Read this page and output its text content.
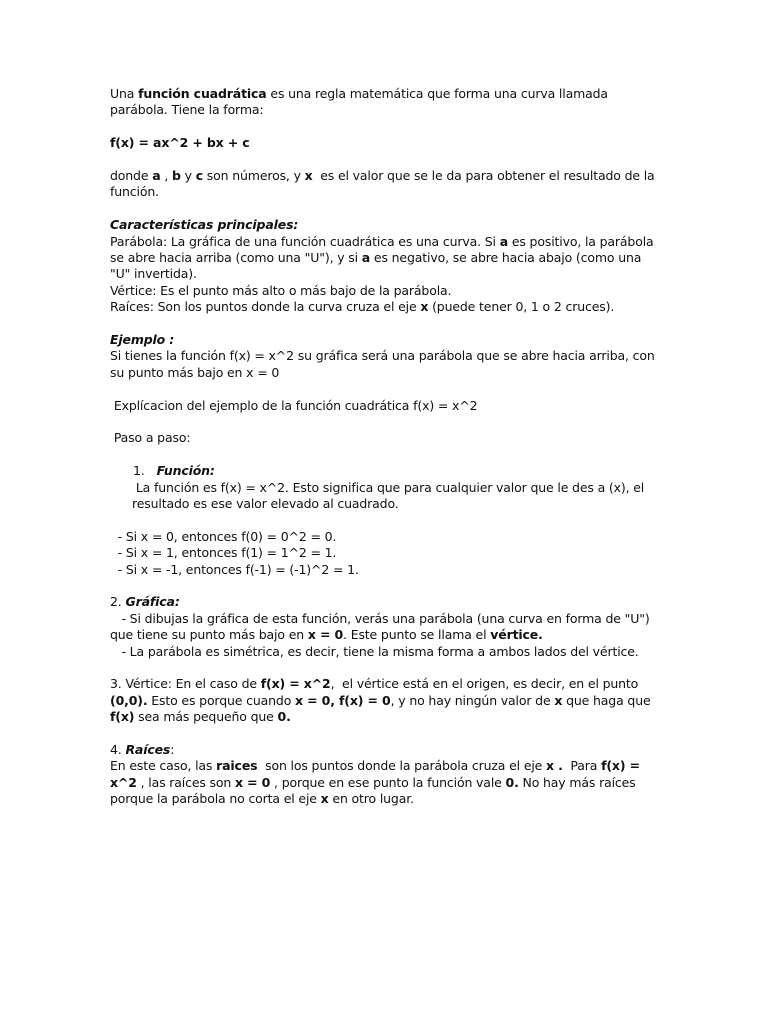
Una función cuadrática es una regla matemática que forma una curva llamada parábola. Tiene la forma:

f(x) = ax^2 + bx + c

donde a , b y c son números, y x  es el valor que se le da para obtener el resultado de la función.

Características principales:

Parábola: La gráfica de una función cuadrática es una curva. Si a es positivo, la parábola se abre hacia arriba (como una "U"), y si a es negativo, se abre hacia abajo (como una "U" invertida).

Vértice: Es el punto más alto o más bajo de la parábola.

Raíces: Son los puntos donde la curva cruza el eje x (puede tener 0, 1 o 2 cruces).

Ejemplo :

Si tienes la función f(x) = x^2 su gráfica será una parábola que se abre hacia arriba, con su punto más bajo en x = 0

Explícacion del ejemplo de la función cuadrática f(x) = x^2

Paso a paso:

1. Función:

La función es f(x) = x^2. Esto significa que para cualquier valor que le des a (x), el resultado es ese valor elevado al cuadrado.

- Si x = 0, entonces f(0) = 0^2 = 0.

- Si x = 1, entonces f(1) = 1^2 = 1.

- Si x = -1, entonces f(-1) = (-1)^2 = 1.

2. Gráfica:

- Si dibujas la gráfica de esta función, verás una parábola (una curva en forma de "U") que tiene su punto más bajo en x = 0. Este punto se llama el vértice.

- La parábola es simétrica, es decir, tiene la misma forma a ambos lados del vértice.

3. Vértice: En el caso de f(x) = x^2,  el vértice está en el origen, es decir, en el punto (0,0). Esto es porque cuando x = 0, f(x) = 0, y no hay ningún valor de x que haga que f(x) sea más pequeño que 0.

4. Raíces:

En este caso, las raices  son los puntos donde la parábola cruza el eje x .  Para f(x) = x^2 , las raíces son x = 0 , porque en ese punto la función vale 0. No hay más raíces porque la parábola no corta el eje x en otro lugar.
